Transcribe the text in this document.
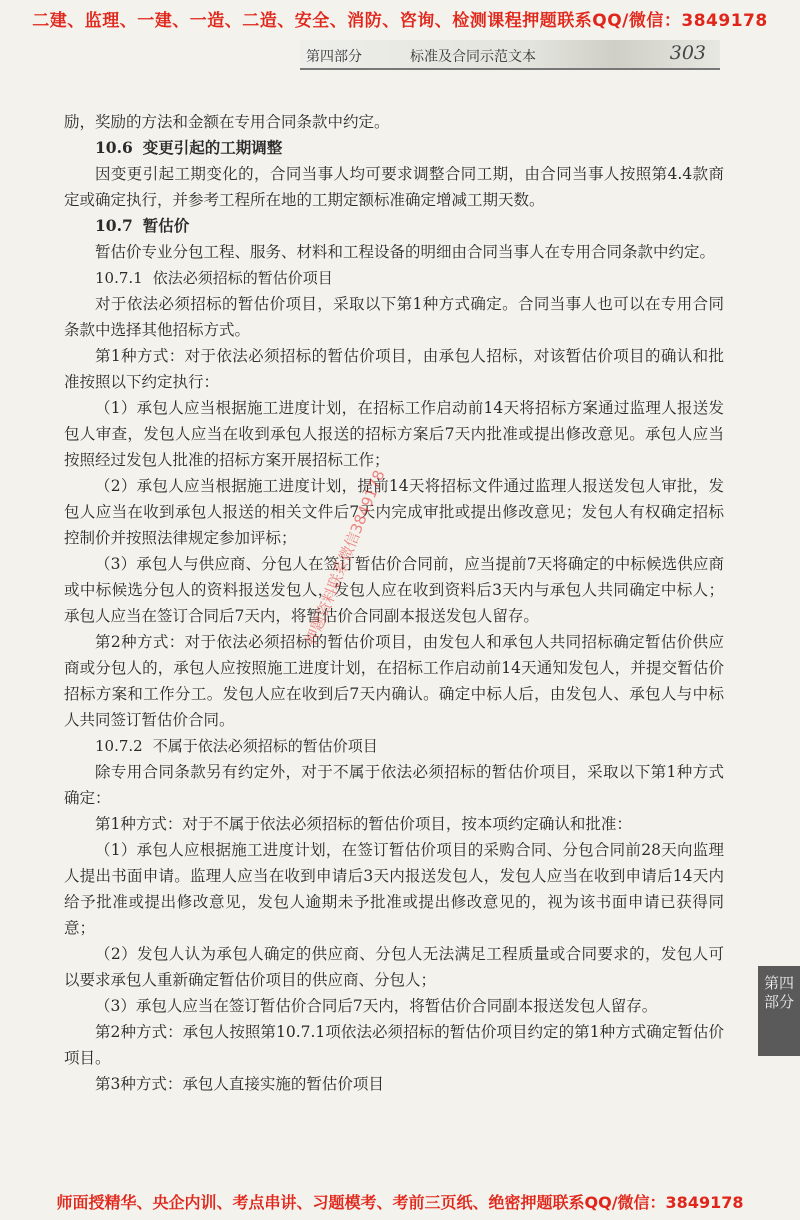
二建、监理、一建、一造、二造、安全、消防、咨询、检测课程押题联系QQ/微信：3849178
第四部分	标准及合同示范文本	303

励，奖励的方法和金额在专用合同条款中约定。

10.6 变更引起的工期调整

因变更引起工期变化的，合同当事人均可要求调整合同工期，由合同当事人按照第4.4款商定或确定执行，并参考工程所在地的工期定额标准确定增减工期天数。

10.7 暂估价

暂估价专业分包工程、服务、材料和工程设备的明细由合同当事人在专用合同条款中约定。

10.7.1 依法必须招标的暂估价项目

对于依法必须招标的暂估价项目，采取以下第1种方式确定。合同当事人也可以在专用合同条款中选择其他招标方式。

第1种方式：对于依法必须招标的暂估价项目，由承包人招标，对该暂估价项目的确认和批准按照以下约定执行：

（1）承包人应当根据施工进度计划，在招标工作启动前14天将招标方案通过监理人报送发包人审查，发包人应当在收到承包人报送的招标方案后7天内批准或提出修改意见。承包人应当按照经过发包人批准的招标方案开展招标工作；

（2）承包人应当根据施工进度计划，提前14天将招标文件通过监理人报送发包人审批，发包人应当在收到承包人报送的相关文件后7天内完成审批或提出修改意见；发包人有权确定招标控制价并按照法律规定参加评标；

（3）承包人与供应商、分包人在签订暂估价合同前，应当提前7天将确定的中标候选供应商或中标候选分包人的资料报送发包人，发包人应在收到资料后3天内与承包人共同确定中标人；承包人应当在签订合同后7天内，将暂估价合同副本报送发包人留存。

第2种方式：对于依法必须招标的暂估价项目，由发包人和承包人共同招标确定暂估价供应商或分包人的，承包人应按照施工进度计划，在招标工作启动前14天通知发包人，并提交暂估价招标方案和工作分工。发包人应在收到后7天内确认。确定中标人后，由发包人、承包人与中标人共同签订暂估价合同。

10.7.2 不属于依法必须招标的暂估价项目

除专用合同条款另有约定外，对于不属于依法必须招标的暂估价项目，采取以下第1种方式确定：

第1种方式：对于不属于依法必须招标的暂估价项目，按本项约定确认和批准：

（1）承包人应根据施工进度计划，在签订暂估价项目的采购合同、分包合同前28天向监理人提出书面申请。监理人应当在收到申请后3天内报送发包人，发包人应当在收到申请后14天内给予批准或提出修改意见，发包人逾期未予批准或提出修改意见的，视为该书面申请已获得同意；

（2）发包人认为承包人确定的供应商、分包人无法满足工程质量或合同要求的，发包人可以要求承包人重新确定暂估价项目的供应商、分包人；

（3）承包人应当在签订暂估价合同后7天内，将暂估价合同副本报送发包人留存。

第2种方式：承包人按照第10.7.1项依法必须招标的暂估价项目约定的第1种方式确定暂估价项目。

第3种方式：承包人直接实施的暂估价项目

押题资料联系微信3849178
第四部分
师面授精华、央企内训、考点串讲、习题模考、考前三页纸、绝密押题联系QQ/微信：3849178
